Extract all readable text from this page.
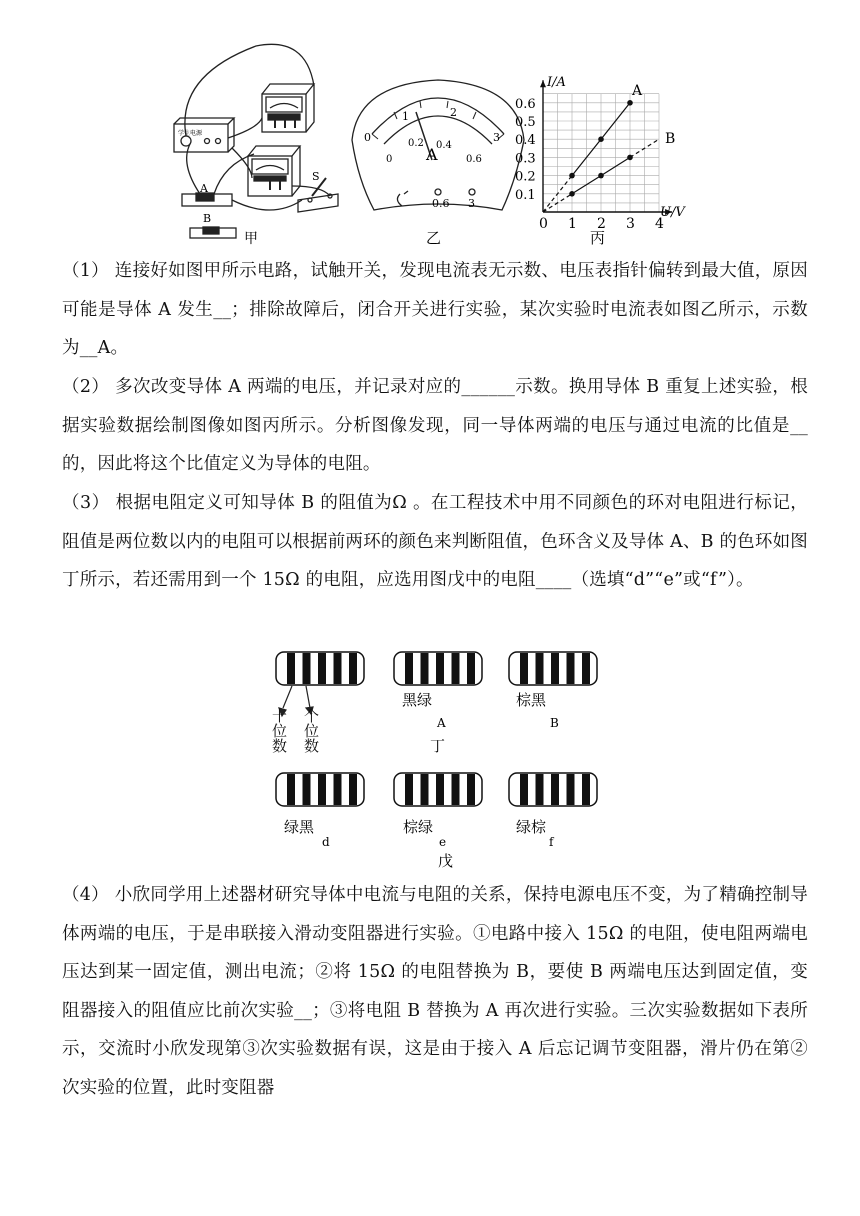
A
B
S
学生电源
甲
0
1	2
3
0
0.2 0.4
0.6
A
0.6 3
乙
0 1 2 3 4
0.1
0.2
0.3
0.4
0.5
0.6
I/A
U/V
A
B
丙
（1） 连接好如图甲所示电路，试触开关，发现电流表无示数、电压表指针偏转到最大值，原因可能是导体 A 发生__；排除故障后，闭合开关进行实验，某次实验时电流表如图乙所示，示数为__A。
（2） 多次改变导体 A 两端的电压，并记录对应的______示数。换用导体 B 重复上述实验，根据实验数据绘制图像如图丙所示。分析图像发现，同一导体两端的电压与通过电流的比值是__的，因此将这个比值定义为导体的电阻。
（3） 根据电阻定义可知导体 B 的阻值为Ω 。在工程技术中用不同颜色的环对电阻进行标记，阻值是两位数以内的电阻可以根据前两环的颜色来判断阻值，色环含义及导体 A、B 的色环如图丁所示，若还需用到一个 15Ω 的电阻，应选用图戊中的电阻____（选填“d”“e”或“f”）。
黑绿
A
棕黑
B
丁
绿黑
d
棕绿
e
绿棕
f
戊
十位数 个位数
（4） 小欣同学用上述器材研究导体中电流与电阻的关系，保持电源电压不变，为了精确控制导体两端的电压，于是串联接入滑动变阻器进行实验。①电路中接入 15Ω 的电阻，使电阻两端电压达到某一固定值，测出电流；②将 15Ω 的电阻替换为 B，要使 B 两端电压达到固定值，变阻器接入的阻值应比前次实验__；③将电阻 B 替换为 A 再次进行实验。三次实验数据如下表所示，交流时小欣发现第③次实验数据有误，这是由于接入 A 后忘记调节变阻器，滑片仍在第②次实验的位置，此时变阻器
